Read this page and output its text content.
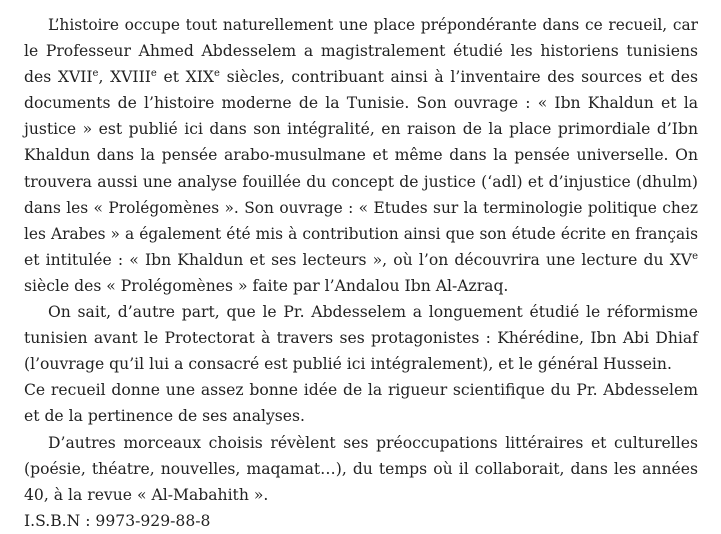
L’histoire occupe tout naturellement une place prépondérante dans ce recueil, car
le Professeur Ahmed Abdesselem a magistralement étudié les historiens tunisiens
des XVIIe, XVIIIe et XIXe siècles, contribuant ainsi à l’inventaire des sources et des
documents de l’histoire moderne de la Tunisie. Son ouvrage : « Ibn Khaldun et la
justice » est publié ici dans son intégralité, en raison de la place primordiale d’Ibn
Khaldun dans la pensée arabo-musulmane et même dans la pensée universelle. On
trouvera aussi une analyse fouillée du concept de justice (‘adl) et d’injustice (dhulm)
dans les « Prolégomènes ». Son ouvrage : « Etudes sur la terminologie politique chez
les Arabes » a également été mis à contribution ainsi que son étude écrite en français
et intitulée : « Ibn Khaldun et ses lecteurs », où l’on découvrira une lecture du XVe
siècle des « Prolégomènes » faite par l’Andalou Ibn Al-Azraq.
On sait, d’autre part, que le Pr. Abdesselem a longuement étudié le réformisme
tunisien avant le Protectorat à travers ses protagonistes : Khérédine, Ibn Abi Dhiaf
(l’ouvrage qu’il lui a consacré est publié ici intégralement), et le général Hussein.
Ce recueil donne une assez bonne idée de la rigueur scientifique du Pr. Abdesselem
et de la pertinence de ses analyses.
D’autres morceaux choisis révèlent ses préoccupations littéraires et culturelles
(poésie, théatre, nouvelles, maqamat…), du temps où il collaborait, dans les années
40, à la revue « Al-Mabahith ».
I.S.B.N : 9973-929-88-8
